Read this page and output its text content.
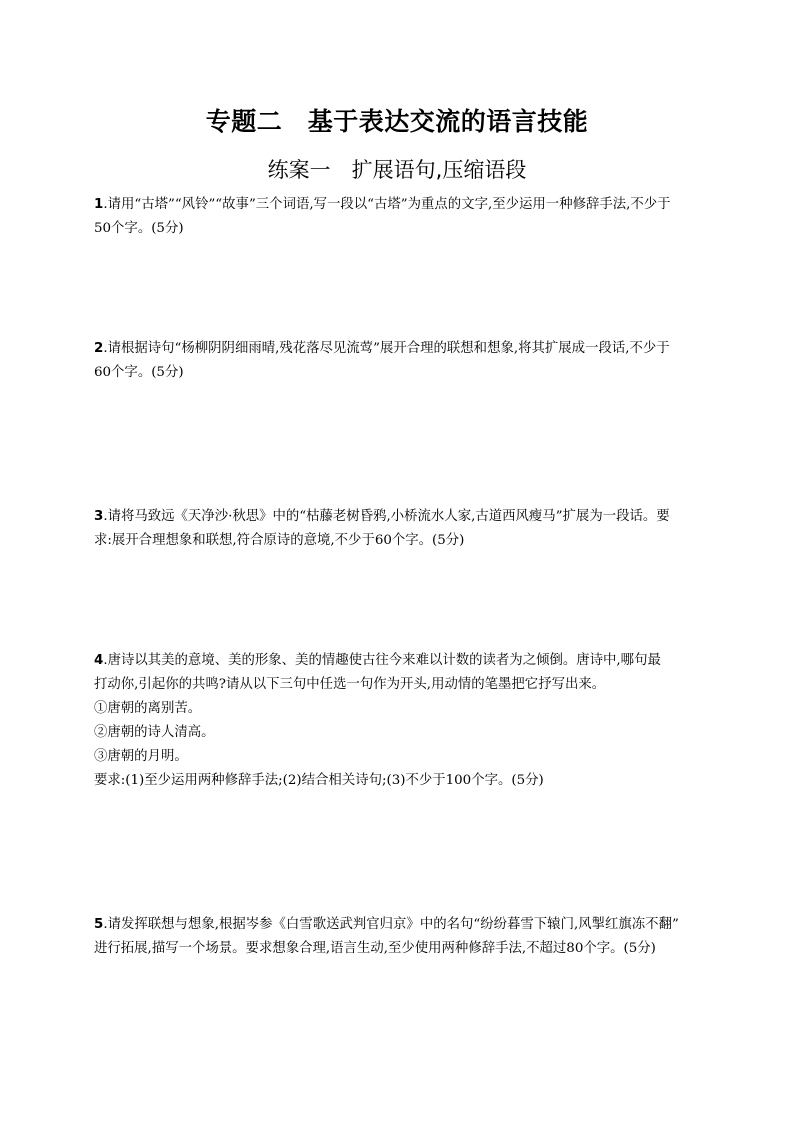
专题二　基于表达交流的语言技能
练案一　扩展语句,压缩语段
1.请用“古塔”“风铃”“故事”三个词语,写一段以“古塔”为重点的文字,至少运用一种修辞手法,不少于
50个字。(5分)
2.请根据诗句“杨柳阴阴细雨晴,残花落尽见流莺”展开合理的联想和想象,将其扩展成一段话,不少于
60个字。(5分)
3.请将马致远《天净沙·秋思》中的“枯藤老树昏鸦,小桥流水人家,古道西风瘦马”扩展为一段话。要
求:展开合理想象和联想,符合原诗的意境,不少于60个字。(5分)
4.唐诗以其美的意境、美的形象、美的情趣使古往今来难以计数的读者为之倾倒。唐诗中,哪句最
打动你,引起你的共鸣?请从以下三句中任选一句作为开头,用动情的笔墨把它抒写出来。
①唐朝的离别苦。
②唐朝的诗人清高。
③唐朝的月明。
要求:(1)至少运用两种修辞手法;(2)结合相关诗句;(3)不少于100个字。(5分)
5.请发挥联想与想象,根据岑参《白雪歌送武判官归京》中的名句“纷纷暮雪下辕门,风掣红旗冻不翻”
进行拓展,描写一个场景。要求想象合理,语言生动,至少使用两种修辞手法,不超过80个字。(5分)
